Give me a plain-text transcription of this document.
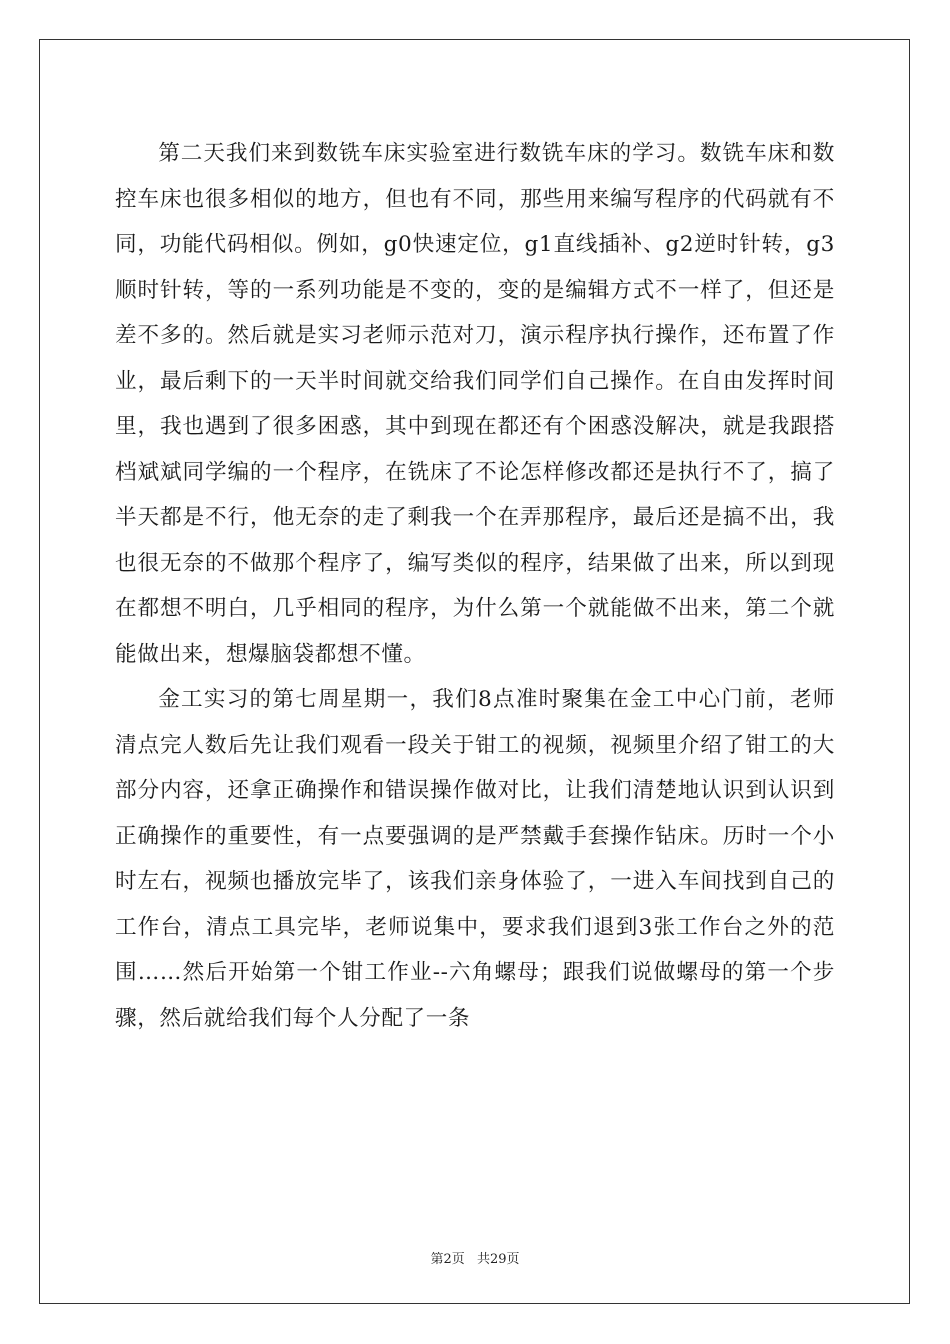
第二天我们来到数铣车床实验室进行数铣车床的学习。数铣车床和数控车床也很多相似的地方，但也有不同，那些用来编写程序的代码就有不同，功能代码相似。例如，g0快速定位，g1直线插补、g2逆时针转，g3顺时针转，等的一系列功能是不变的，变的是编辑方式不一样了，但还是差不多的。然后就是实习老师示范对刀，演示程序执行操作，还布置了作业，最后剩下的一天半时间就交给我们同学们自己操作。在自由发挥时间里，我也遇到了很多困惑，其中到现在都还有个困惑没解决，就是我跟搭档斌斌同学编的一个程序，在铣床了不论怎样修改都还是执行不了，搞了半天都是不行，他无奈的走了剩我一个在弄那程序，最后还是搞不出，我也很无奈的不做那个程序了，编写类似的程序，结果做了出来，所以到现在都想不明白，几乎相同的程序，为什么第一个就能做不出来，第二个就能做出来，想爆脑袋都想不懂。

金工实习的第七周星期一，我们8点准时聚集在金工中心门前，老师清点完人数后先让我们观看一段关于钳工的视频，视频里介绍了钳工的大部分内容，还拿正确操作和错误操作做对比，让我们清楚地认识到认识到正确操作的重要性，有一点要强调的是严禁戴手套操作钻床。历时一个小时左右，视频也播放完毕了，该我们亲身体验了，一进入车间找到自己的工作台，清点工具完毕，老师说集中，要求我们退到3张工作台之外的范围……然后开始第一个钳工作业--六角螺母；跟我们说做螺母的第一个步骤，然后就给我们每个人分配了一条

第2页 共29页
